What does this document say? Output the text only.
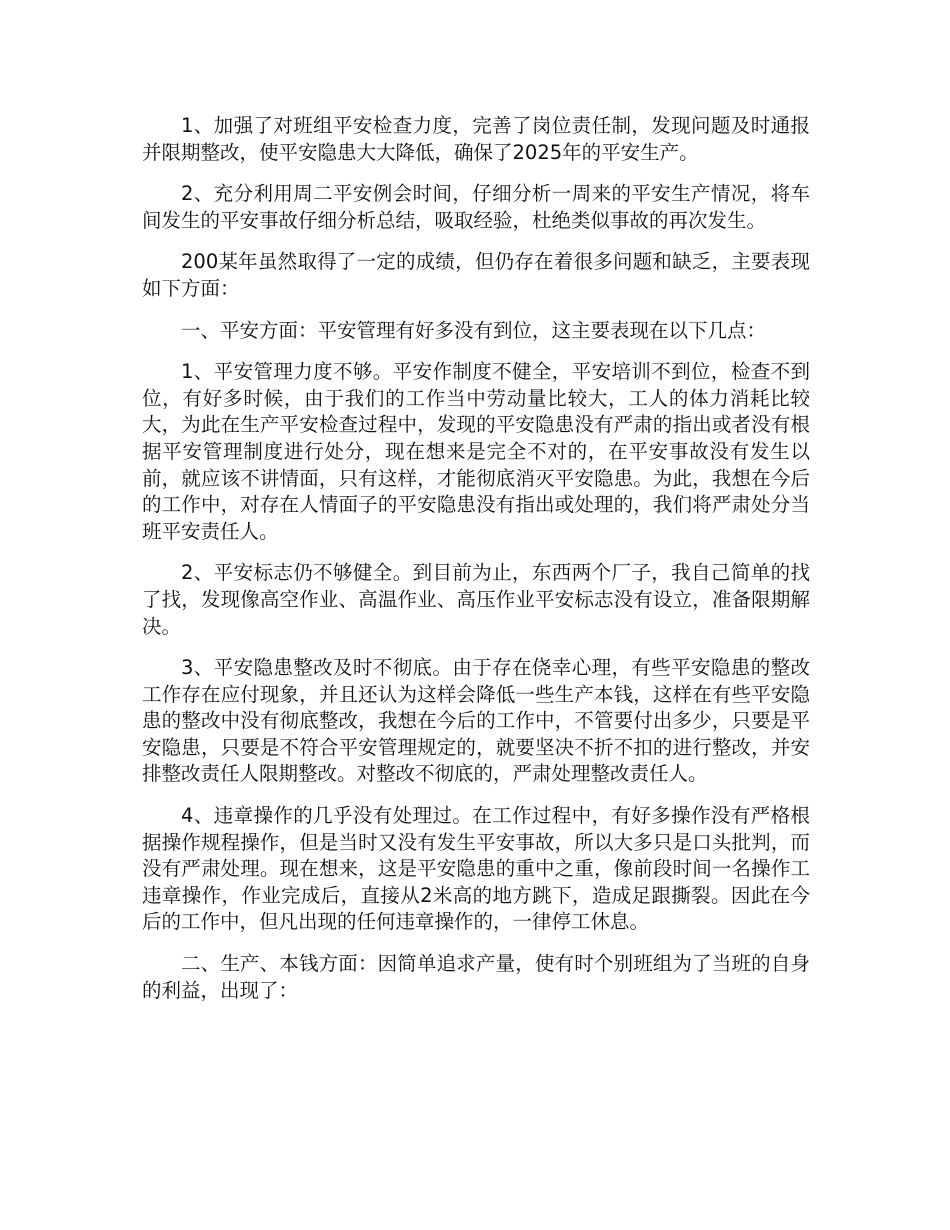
1、加强了对班组平安检查力度，完善了岗位责任制，发现问题及时通报并限期整改，使平安隐患大大降低，确保了2025年的平安生产。

2、充分利用周二平安例会时间，仔细分析一周来的平安生产情况，将车间发生的平安事故仔细分析总结，吸取经验，杜绝类似事故的再次发生。

200某年虽然取得了一定的成绩，但仍存在着很多问题和缺乏，主要表现如下方面：

一、平安方面：平安管理有好多没有到位，这主要表现在以下几点：

1、平安管理力度不够。平安作制度不健全，平安培训不到位，检查不到位，有好多时候，由于我们的工作当中劳动量比较大，工人的体力消耗比较大，为此在生产平安检查过程中，发现的平安隐患没有严肃的指出或者没有根据平安管理制度进行处分，现在想来是完全不对的，在平安事故没有发生以前，就应该不讲情面，只有这样，才能彻底消灭平安隐患。为此，我想在今后的工作中，对存在人情面子的平安隐患没有指出或处理的，我们将严肃处分当班平安责任人。

2、平安标志仍不够健全。到目前为止，东西两个厂子，我自己简单的找了找，发现像高空作业、高温作业、高压作业平安标志没有设立，准备限期解决。

3、平安隐患整改及时不彻底。由于存在侥幸心理，有些平安隐患的整改工作存在应付现象，并且还认为这样会降低一些生产本钱，这样在有些平安隐患的整改中没有彻底整改，我想在今后的工作中，不管要付出多少，只要是平安隐患，只要是不符合平安管理规定的，就要坚决不折不扣的进行整改，并安排整改责任人限期整改。对整改不彻底的，严肃处理整改责任人。

4、违章操作的几乎没有处理过。在工作过程中，有好多操作没有严格根据操作规程操作，但是当时又没有发生平安事故，所以大多只是口头批判，而没有严肃处理。现在想来，这是平安隐患的重中之重，像前段时间一名操作工违章操作，作业完成后，直接从2米高的地方跳下，造成足跟撕裂。因此在今后的工作中，但凡出现的任何违章操作的，一律停工休息。

二、生产、本钱方面：因简单追求产量，使有时个别班组为了当班的自身的利益，出现了：
